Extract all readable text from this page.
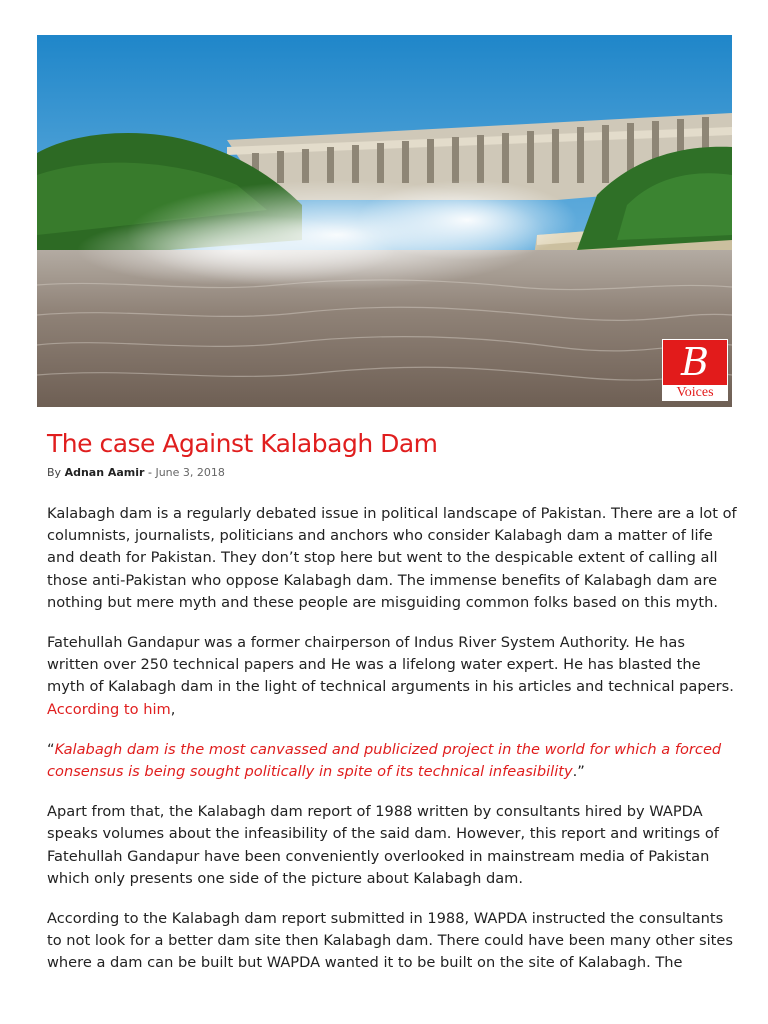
B
Voices
The case Against Kalabagh Dam
By Adnan Aamir - June 3, 2018

Kalabagh dam is a regularly debated issue in political landscape of Pakistan. There are a lot of columnists, journalists, politicians and anchors who consider Kalabagh dam a matter of life and death for Pakistan. They don’t stop here but went to the despicable extent of calling all those anti-Pakistan who oppose Kalabagh dam. The immense benefits of Kalabagh dam are nothing but mere myth and these people are misguiding common folks based on this myth.

Fatehullah Gandapur was a former chairperson of Indus River System Authority. He has written over 250 technical papers and He was a lifelong water expert. He has blasted the myth of Kalabagh dam in the light of technical arguments in his articles and technical papers. According to him,

“Kalabagh dam is the most canvassed and publicized project in the world for which a forced consensus is being sought politically in spite of its technical infeasibility.”

Apart from that, the Kalabagh dam report of 1988 written by consultants hired by WAPDA speaks volumes about the infeasibility of the said dam. However, this report and writings of Fatehullah Gandapur have been conveniently overlooked in mainstream media of Pakistan which only presents one side of the picture about Kalabagh dam.

According to the Kalabagh dam report submitted in 1988, WAPDA instructed the consultants to not look for a better dam site then Kalabagh dam. There could have been many other sites where a dam can be built but WAPDA wanted it to be built on the site of Kalabagh. The
